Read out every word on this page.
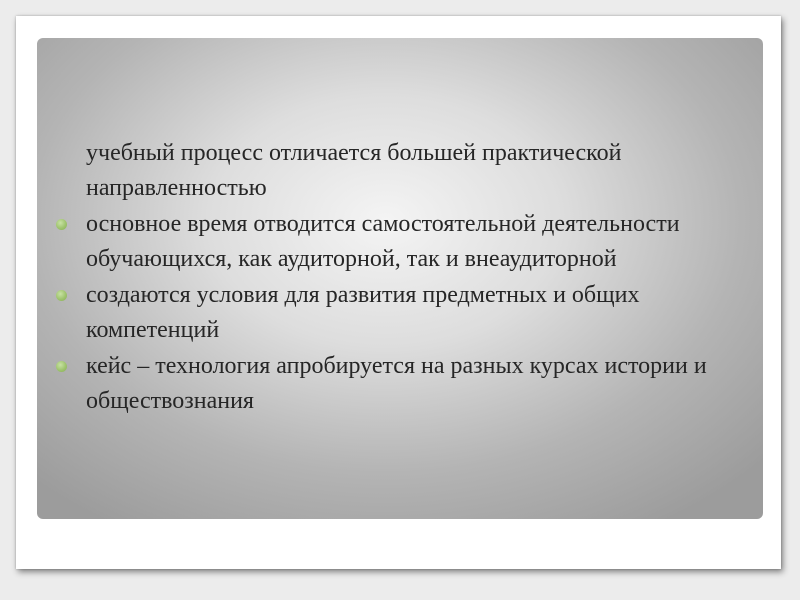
учебный процесс отличается большей практической направленностью
основное время отводится самостоятельной деятельности обучающихся, как аудиторной, так и внеаудиторной
создаются условия для развития предметных и общих компетенций
кейс – технология апробируется на разных курсах истории и обществознания
